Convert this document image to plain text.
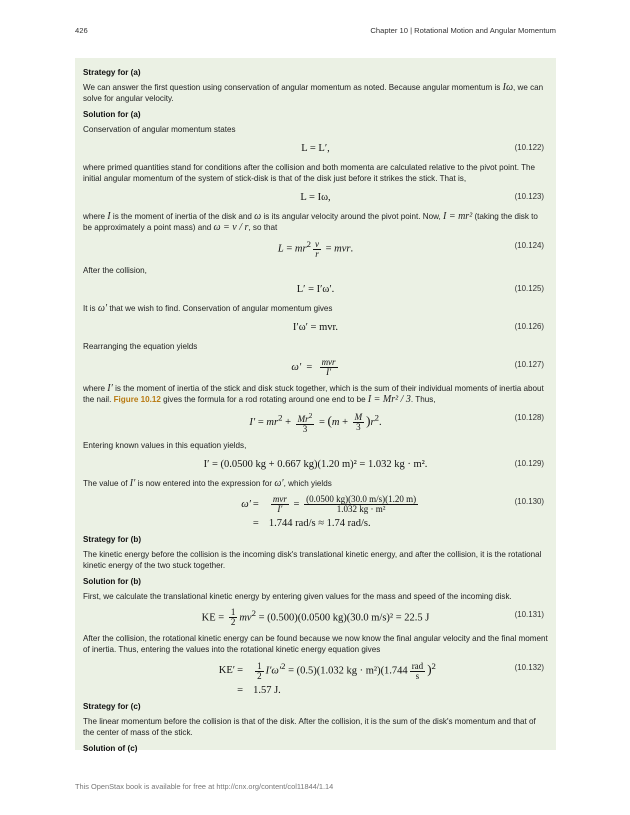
426	Chapter 10 | Rotational Motion and Angular Momentum
Strategy for (a)
We can answer the first question using conservation of angular momentum as noted. Because angular momentum is Iω, we can solve for angular velocity.
Solution for (a)
Conservation of angular momentum states
L = L′,	(10.122)
where primed quantities stand for conditions after the collision and both momenta are calculated relative to the pivot point. The initial angular momentum of the system of stick-disk is that of the disk just before it strikes the stick. That is,
L = Iω,	(10.123)
where I is the moment of inertia of the disk and ω is its angular velocity around the pivot point. Now, I = mr² (taking the disk to be approximately a point mass) and ω = v / r, so that
$L = mr^2 \frac{v}{r}$ = mvr.	(10.124)
After the collision,
L′ = I′ω′.	(10.125)
It is ω′ that we wish to find. Conservation of angular momentum gives
I′ω′ = mvr.	(10.126)
Rearranging the equation yields
$\omega' = \frac{\text{mvr}}{I'}$	(10.127)
where I′ is the moment of inertia of the stick and disk stuck together, which is the sum of their individual moments of inertia about the nail. Figure 10.12 gives the formula for a rod rotating around one end to be I = Mr² / 3. Thus,
$I' = mr^2 + \frac{Mr^2}{3} = (m + \frac{M}{3} )r^2$.	(10.128)
Entering known values in this equation yields,
I′ = (0.0500 kg + 0.667 kg)(1.20 m)² = 1.032 kg · m².	(10.129)
The value of I′ is now entered into the expression for ω′, which yields
ω′ =	$\frac{\text{mvr}}{I'} = \frac{(0.0500 kg)(30.0 m/s)(1.20 m)}{\text{1.032 kg · m²}}$
= 1.744 rad/s ≈ 1.74 rad/s.
(10.130)
Strategy for (b)
The kinetic energy before the collision is the incoming disk's translational kinetic energy, and after the collision, it is the rotational kinetic energy of the two stuck together.
Solution for (b)
First, we calculate the translational kinetic energy by entering given values for the mass and speed of the incoming disk.
KE = $\frac{1}{2} mv^2 = (0.500)(0.0500$ kg)(30.0 m/s)² = 22.5 J	(10.131)
After the collision, the rotational kinetic energy can be found because we now know the final angular velocity and the final moment of inertia. Thus, entering the values into the rotational kinetic energy equation gives
KE′ =	$\frac{1}{2} I'\omega'^2 = (0.5)(1.032$ kg · $m^2)(1.744 \frac{\text{rad}}{s} )^2$
= 1.57 J.
(10.132)
Strategy for (c)
The linear momentum before the collision is that of the disk. After the collision, it is the sum of the disk's momentum and that of the center of mass of the stick.
Solution of (c)
This OpenStax book is available for free at http://cnx.org/content/col11844/1.14
